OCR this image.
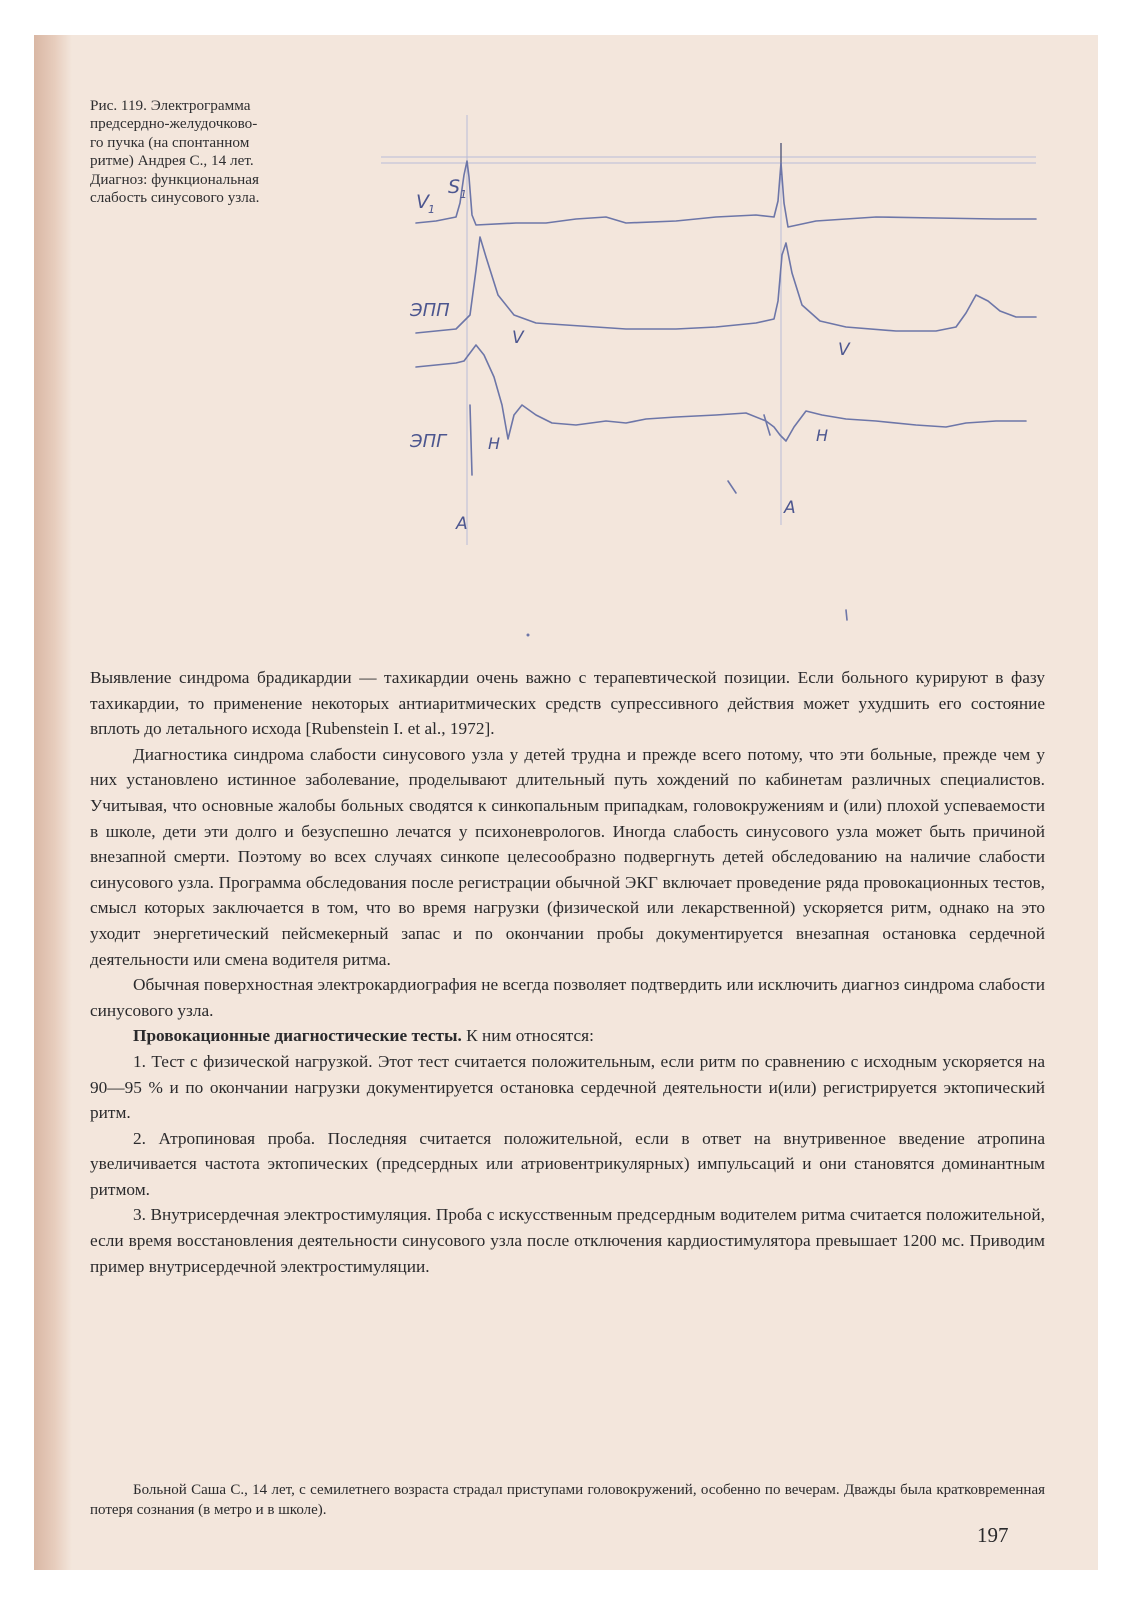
Рис. 119. Электрограмма
предсердно-желудочково-
го пучка (на спонтанном
ритме) Андрея С., 14 лет.
Диагноз: функциональная
слабость синусового узла.	S 1
V 1
ЭПП
ЭПГ
V
V
H	H
А
А

Выявление синдрома брадикардии — тахикардии очень важно с терапевтической позиции. Если больного курируют в фазу тахикардии, то применение некоторых антиаритмических средств супрессивного действия может ухудшить его состояние вплоть до летального исхода [Rubenstein I. et al., 1972].

Диагностика синдрома слабости синусового узла у детей трудна и прежде всего потому, что эти больные, прежде чем у них установлено истинное заболевание, проделывают длительный путь хождений по кабинетам различных специалистов. Учитывая, что основные жалобы больных сводятся к синкопальным припадкам, головокружениям и (или) плохой успеваемости в школе, дети эти долго и безуспешно лечатся у психоневрологов. Иногда слабость синусового узла может быть причиной внезапной смерти. Поэтому во всех случаях синкопе целесообразно подвергнуть детей обследованию на наличие слабости синусового узла. Программа обследования после регистрации обычной ЭКГ включает проведение ряда провокационных тестов, смысл которых заключается в том, что во время нагрузки (физической или лекарственной) ускоряется ритм, однако на это уходит энергетический пейсмекерный запас и по окончании пробы документируется внезапная остановка сердечной деятельности или смена водителя ритма.

Обычная поверхностная электрокардиография не всегда позволяет подтвердить или исключить диагноз синдрома слабости синусового узла.

Провокационные диагностические тесты. К ним относятся:

1. Тест с физической нагрузкой. Этот тест считается положительным, если ритм по сравнению с исходным ускоряется на 90—95 % и по окончании нагрузки документируется остановка сердечной деятельности и(или) регистрируется эктопический ритм.

2. Атропиновая проба. Последняя считается положительной, если в ответ на внутривенное введение атропина увеличивается частота эктопических (предсердных или атриовентрикулярных) импульсаций и они становятся доминантным ритмом.

3. Внутрисердечная электростимуляция. Проба с искусственным предсердным водителем ритма считается положительной, если время восстановления деятельности синусового узла после отключения кардиостимулятора превышает 1200 мс. Приводим пример внутрисердечной электростимуляции.

Больной Саша С., 14 лет, с семилетнего возраста страдал приступами головокружений, особенно по вечерам. Дважды была кратковременная потеря сознания (в метро и в школе).
197
